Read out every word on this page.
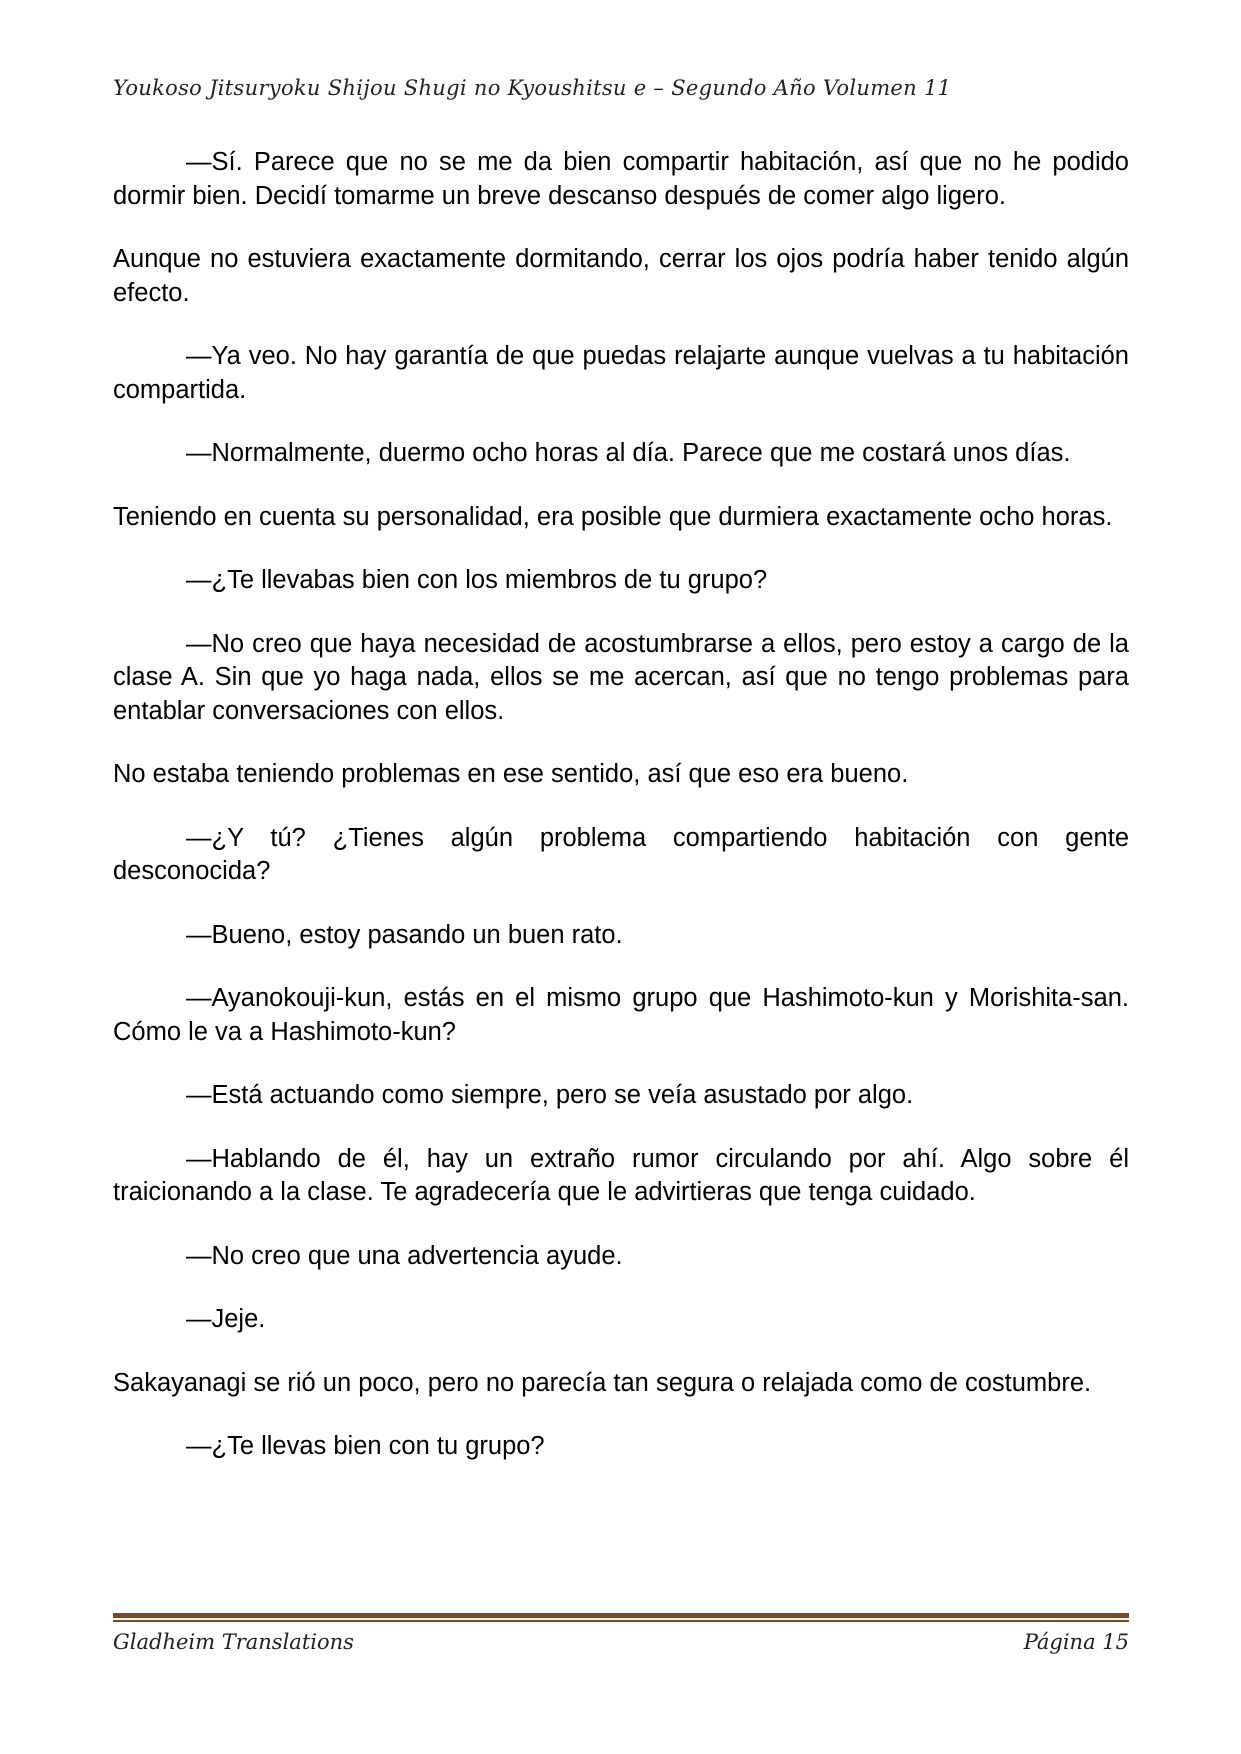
Youkoso Jitsuryoku Shijou Shugi no Kyoushitsu e – Segundo Año Volumen 11

—Sí. Parece que no se me da bien compartir habitación, así que no he podido dormir bien. Decidí tomarme un breve descanso después de comer algo ligero.

Aunque no estuviera exactamente dormitando, cerrar los ojos podría haber tenido algún efecto.

—Ya veo. No hay garantía de que puedas relajarte aunque vuelvas a tu habitación compartida.

—Normalmente, duermo ocho horas al día. Parece que me costará unos días.

Teniendo en cuenta su personalidad, era posible que durmiera exactamente ocho horas.

—¿Te llevabas bien con los miembros de tu grupo?

—No creo que haya necesidad de acostumbrarse a ellos, pero estoy a cargo de la clase A. Sin que yo haga nada, ellos se me acercan, así que no tengo problemas para entablar conversaciones con ellos.

No estaba teniendo problemas en ese sentido, así que eso era bueno.

—¿Y tú? ¿Tienes algún problema compartiendo habitación con gente desconocida?

—Bueno, estoy pasando un buen rato.

—Ayanokouji-kun, estás en el mismo grupo que Hashimoto-kun y Morishita-san. Cómo le va a Hashimoto-kun?

—Está actuando como siempre, pero se veía asustado por algo.

—Hablando de él, hay un extraño rumor circulando por ahí. Algo sobre él traicionando a la clase. Te agradecería que le advirtieras que tenga cuidado.

—No creo que una advertencia ayude.

—Jeje.

Sakayanagi se rió un poco, pero no parecía tan segura o relajada como de costumbre.

—¿Te llevas bien con tu grupo?

Gladheim Translations	Página 15
